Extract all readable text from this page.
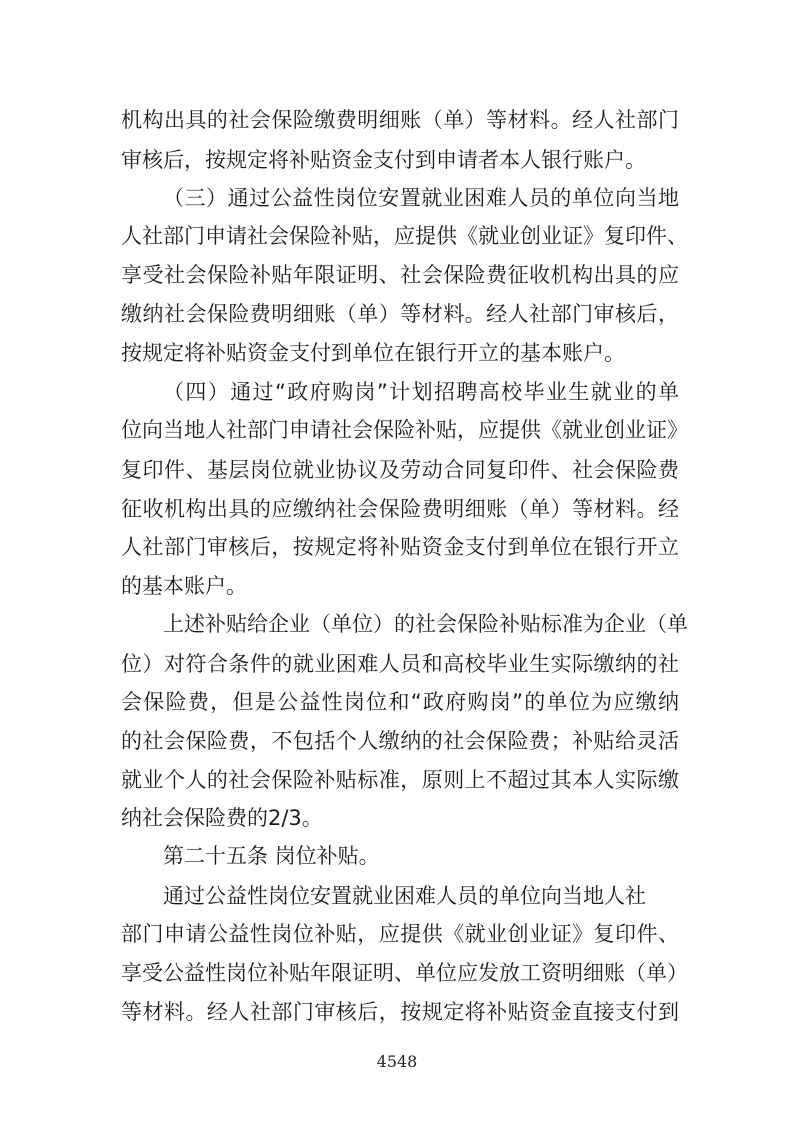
机构出具的社会保险缴费明细账（单）等材料。经人社部门
审核后，按规定将补贴资金支付到申请者本人银行账户。
（三）通过公益性岗位安置就业困难人员的单位向当地
人社部门申请社会保险补贴，应提供《就业创业证》复印件、
享受社会保险补贴年限证明、社会保险费征收机构出具的应
缴纳社会保险费明细账（单）等材料。经人社部门审核后，
按规定将补贴资金支付到单位在银行开立的基本账户。
（四）通过“政府购岗”计划招聘高校毕业生就业的单
位向当地人社部门申请社会保险补贴，应提供《就业创业证》
复印件、基层岗位就业协议及劳动合同复印件、社会保险费
征收机构出具的应缴纳社会保险费明细账（单）等材料。经
人社部门审核后，按规定将补贴资金支付到单位在银行开立
的基本账户。
上述补贴给企业（单位）的社会保险补贴标准为企业（单
位）对符合条件的就业困难人员和高校毕业生实际缴纳的社
会保险费，但是公益性岗位和“政府购岗”的单位为应缴纳
的社会保险费，不包括个人缴纳的社会保险费；补贴给灵活
就业个人的社会保险补贴标准，原则上不超过其本人实际缴
纳社会保险费的2/3。
第二十五条 岗位补贴。
通过公益性岗位安置就业困难人员的单位向当地人社
部门申请公益性岗位补贴，应提供《就业创业证》复印件、
享受公益性岗位补贴年限证明、单位应发放工资明细账（单）
等材料。经人社部门审核后，按规定将补贴资金直接支付到
4548
